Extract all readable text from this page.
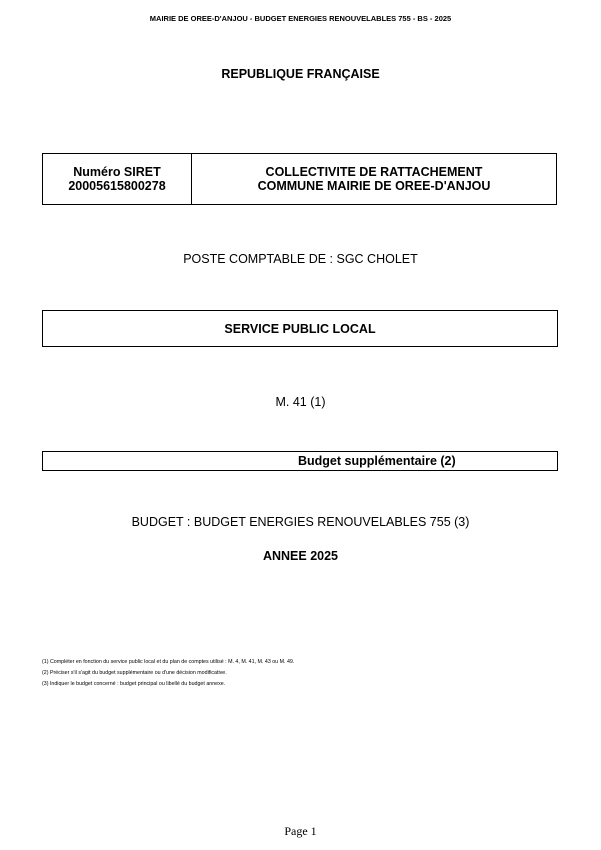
MAIRIE DE OREE-D'ANJOU - BUDGET ENERGIES RENOUVELABLES 755 - BS - 2025
REPUBLIQUE FRANÇAISE
Numéro SIRET
20005615800278
COLLECTIVITE DE RATTACHEMENT
COMMUNE MAIRIE DE OREE-D'ANJOU
POSTE COMPTABLE DE : SGC CHOLET
SERVICE PUBLIC LOCAL
M. 41 (1)
Budget supplémentaire (2)
BUDGET : BUDGET ENERGIES RENOUVELABLES 755 (3)
ANNEE 2025
(1) Compléter en fonction du service public local et du plan de comptes utilisé : M. 4, M. 41, M. 43 ou M. 49.
(2) Préciser s'il s'agit du budget supplémentaire ou d'une décision modificative.
(3) Indiquer le budget concerné : budget principal ou libellé du budget annexe.
Page 1
